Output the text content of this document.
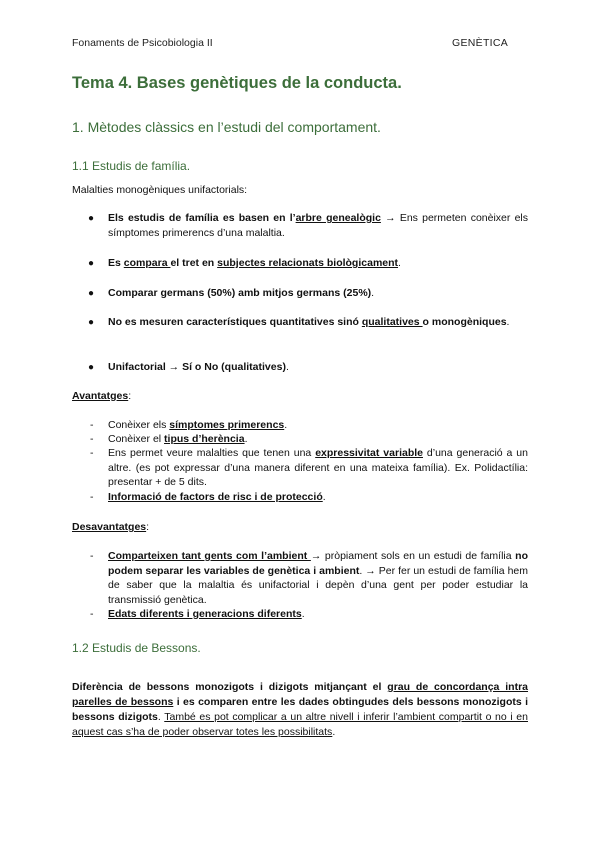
Fonaments de Psicobiologia II	GENÈTICA
Tema 4. Bases genètiques de la conducta.
1. Mètodes clàssics en l’estudi del comportament.
1.1 Estudis de família.
Malalties monogèniques unifactorials:
● Els estudis de família es basen en l’arbre genealògic → Ens permeten conèixer els símptomes primerencs d’una malaltia.
● Es compara el tret en subjectes relacionats biològicament.
● Comparar germans (50%) amb mitjos germans (25%).
● No es mesuren característiques quantitatives sinó qualitatives o monogèniques.
● Unifactorial → Sí o No (qualitatives).
Avantatges:
- Conèixer els símptomes primerencs.
- Conèixer el tipus d’herència.
- Ens permet veure malalties que tenen una expressivitat variable d’una generació a un altre. (es pot expressar d’una manera diferent en una mateixa família). Ex. Polidactília: presentar + de 5 dits.
- Informació de factors de risc i de protecció.
Desavantatges:
- Comparteixen tant gents com l’ambient → pròpiament sols en un estudi de família no podem separar les variables de genètica i ambient. → Per fer un estudi de família hem de saber que la malaltia és unifactorial i depèn d’una gent per poder estudiar la transmissió genètica.
- Edats diferents i generacions diferents.
1.2 Estudis de Bessons.
Diferència de bessons monozigots i dizigots mitjançant el grau de concordança intra parelles de bessons i es comparen entre les dades obtingudes dels bessons monozigots i bessons dizigots. També es pot complicar a un altre nivell i inferir l’ambient compartit o no i en aquest cas s’ha de poder observar totes les possibilitats.
